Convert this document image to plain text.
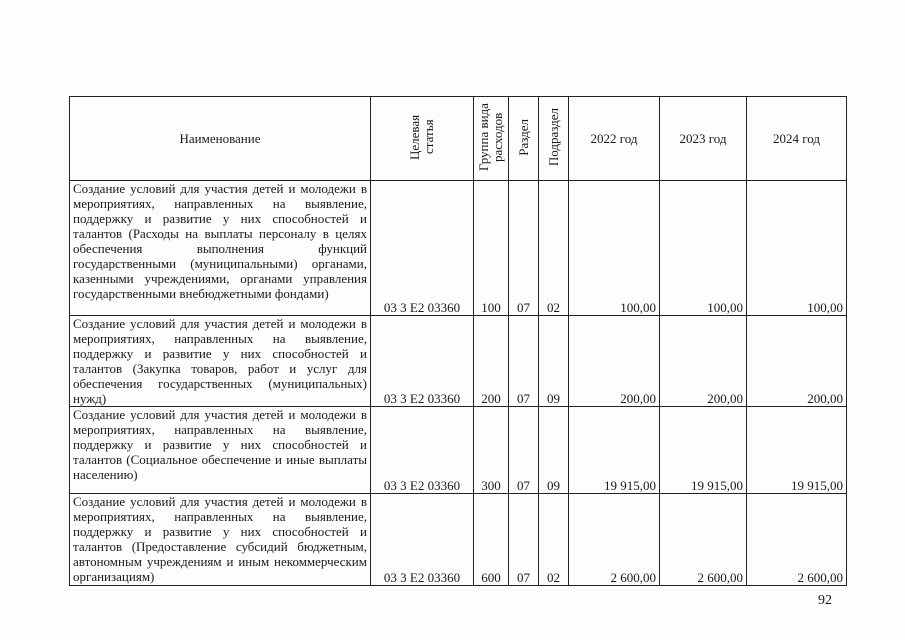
Наименование	Целевая статья	Группа вида расходов	Раздел	Подраздел	2022 год	2023 год	2024 год
Создание условий для участия детей и молодежи в мероприятиях, направленных на выявление, поддержку и развитие у них способностей и талантов (Расходы на выплаты персоналу в целях обеспечения выполнения функций государственными (муниципальными) органами, казенными учреждениями, органами управления государственными внебюджетными фондами)	03 3 Е2 03360	100	07	02	100,00	100,00	100,00
Создание условий для участия детей и молодежи в мероприятиях, направленных на выявление, поддержку и развитие у них способностей и талантов (Закупка товаров, работ и услуг для обеспечения государственных (муниципальных) нужд)	03 3 Е2 03360	200	07	09	200,00	200,00	200,00
Создание условий для участия детей и молодежи в мероприятиях, направленных на выявление, поддержку и развитие у них способностей и талантов (Социальное обеспечение и иные выплаты населению)	03 3 Е2 03360	300	07	09	19 915,00	19 915,00	19 915,00
Создание условий для участия детей и молодежи в мероприятиях, направленных на выявление, поддержку и развитие у них способностей и талантов (Предоставление субсидий бюджетным, автономным учреждениям и иным некоммерческим организациям)	03 3 Е2 03360	600	07	02	2 600,00	2 600,00	2 600,00
92
